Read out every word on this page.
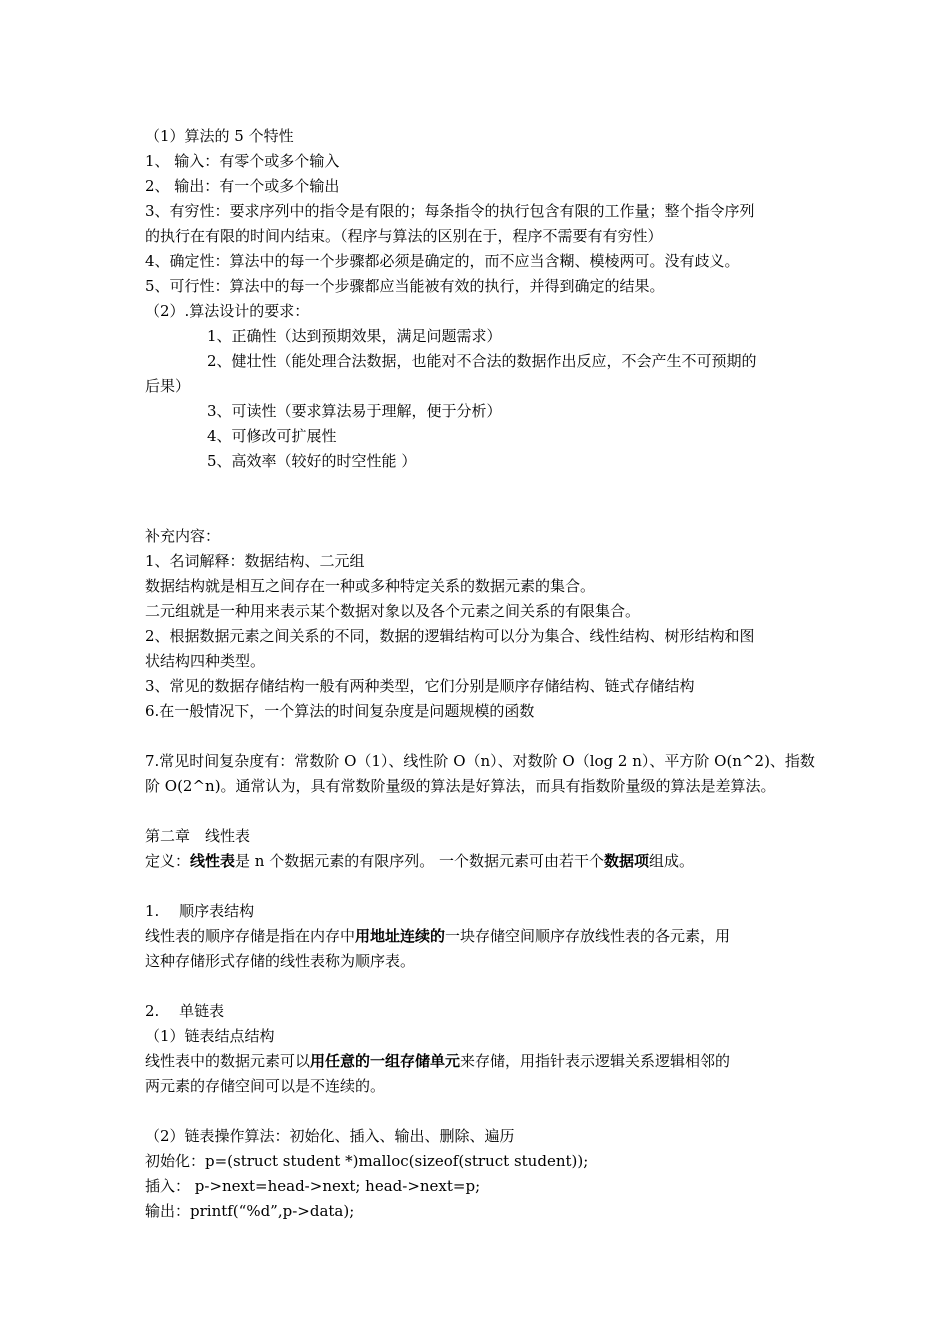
（1）算法的 5 个特性
1、 输入：有零个或多个输入
2、 输出：有一个或多个输出
3、有穷性：要求序列中的指令是有限的；每条指令的执行包含有限的工作量；整个指令序列
的执行在有限的时间内结束。（程序与算法的区别在于，程序不需要有有穷性）
4、确定性：算法中的每一个步骤都必须是确定的，而不应当含糊、模棱两可。没有歧义。
5、可行性：算法中的每一个步骤都应当能被有效的执行，并得到确定的结果。
（2）.算法设计的要求：
1、正确性（达到预期效果，满足问题需求）
2、健壮性（能处理合法数据，也能对不合法的数据作出反应，不会产生不可预期的
后果）
3、可读性（要求算法易于理解，便于分析）
4、可修改可扩展性
5、高效率（较好的时空性能 ）
补充内容：
1、名词解释：数据结构、二元组
数据结构就是相互之间存在一种或多种特定关系的数据元素的集合。
二元组就是一种用来表示某个数据对象以及各个元素之间关系的有限集合。
2、根据数据元素之间关系的不同，数据的逻辑结构可以分为集合、线性结构、树形结构和图
状结构四种类型。
3、常见的数据存储结构一般有两种类型，它们分别是顺序存储结构、链式存储结构
6.在一般情况下，一个算法的时间复杂度是问题规模的函数
7.常见时间复杂度有：常数阶 O（1）、线性阶 O（n）、对数阶 O（log 2 n）、平方阶 O(n^2)、指数
阶 O(2^n)。通常认为，具有常数阶量级的算法是好算法，而具有指数阶量级的算法是差算法。
第二章　线性表
定义：线性表是 n 个数据元素的有限序列。 一个数据元素可由若干个数据项组成。
1.　 顺序表结构
线性表的顺序存储是指在内存中用地址连续的一块存储空间顺序存放线性表的各元素，用
这种存储形式存储的线性表称为顺序表。
2.　 单链表
（1）链表结点结构
线性表中的数据元素可以用任意的一组存储单元来存储，用指针表示逻辑关系逻辑相邻的
两元素的存储空间可以是不连续的。
（2）链表操作算法：初始化、插入、输出、删除、遍历
初始化：p=(struct student *)malloc(sizeof(struct student));
插入： p->next=head->next; head->next=p;
输出：printf(“%d”,p->data);
